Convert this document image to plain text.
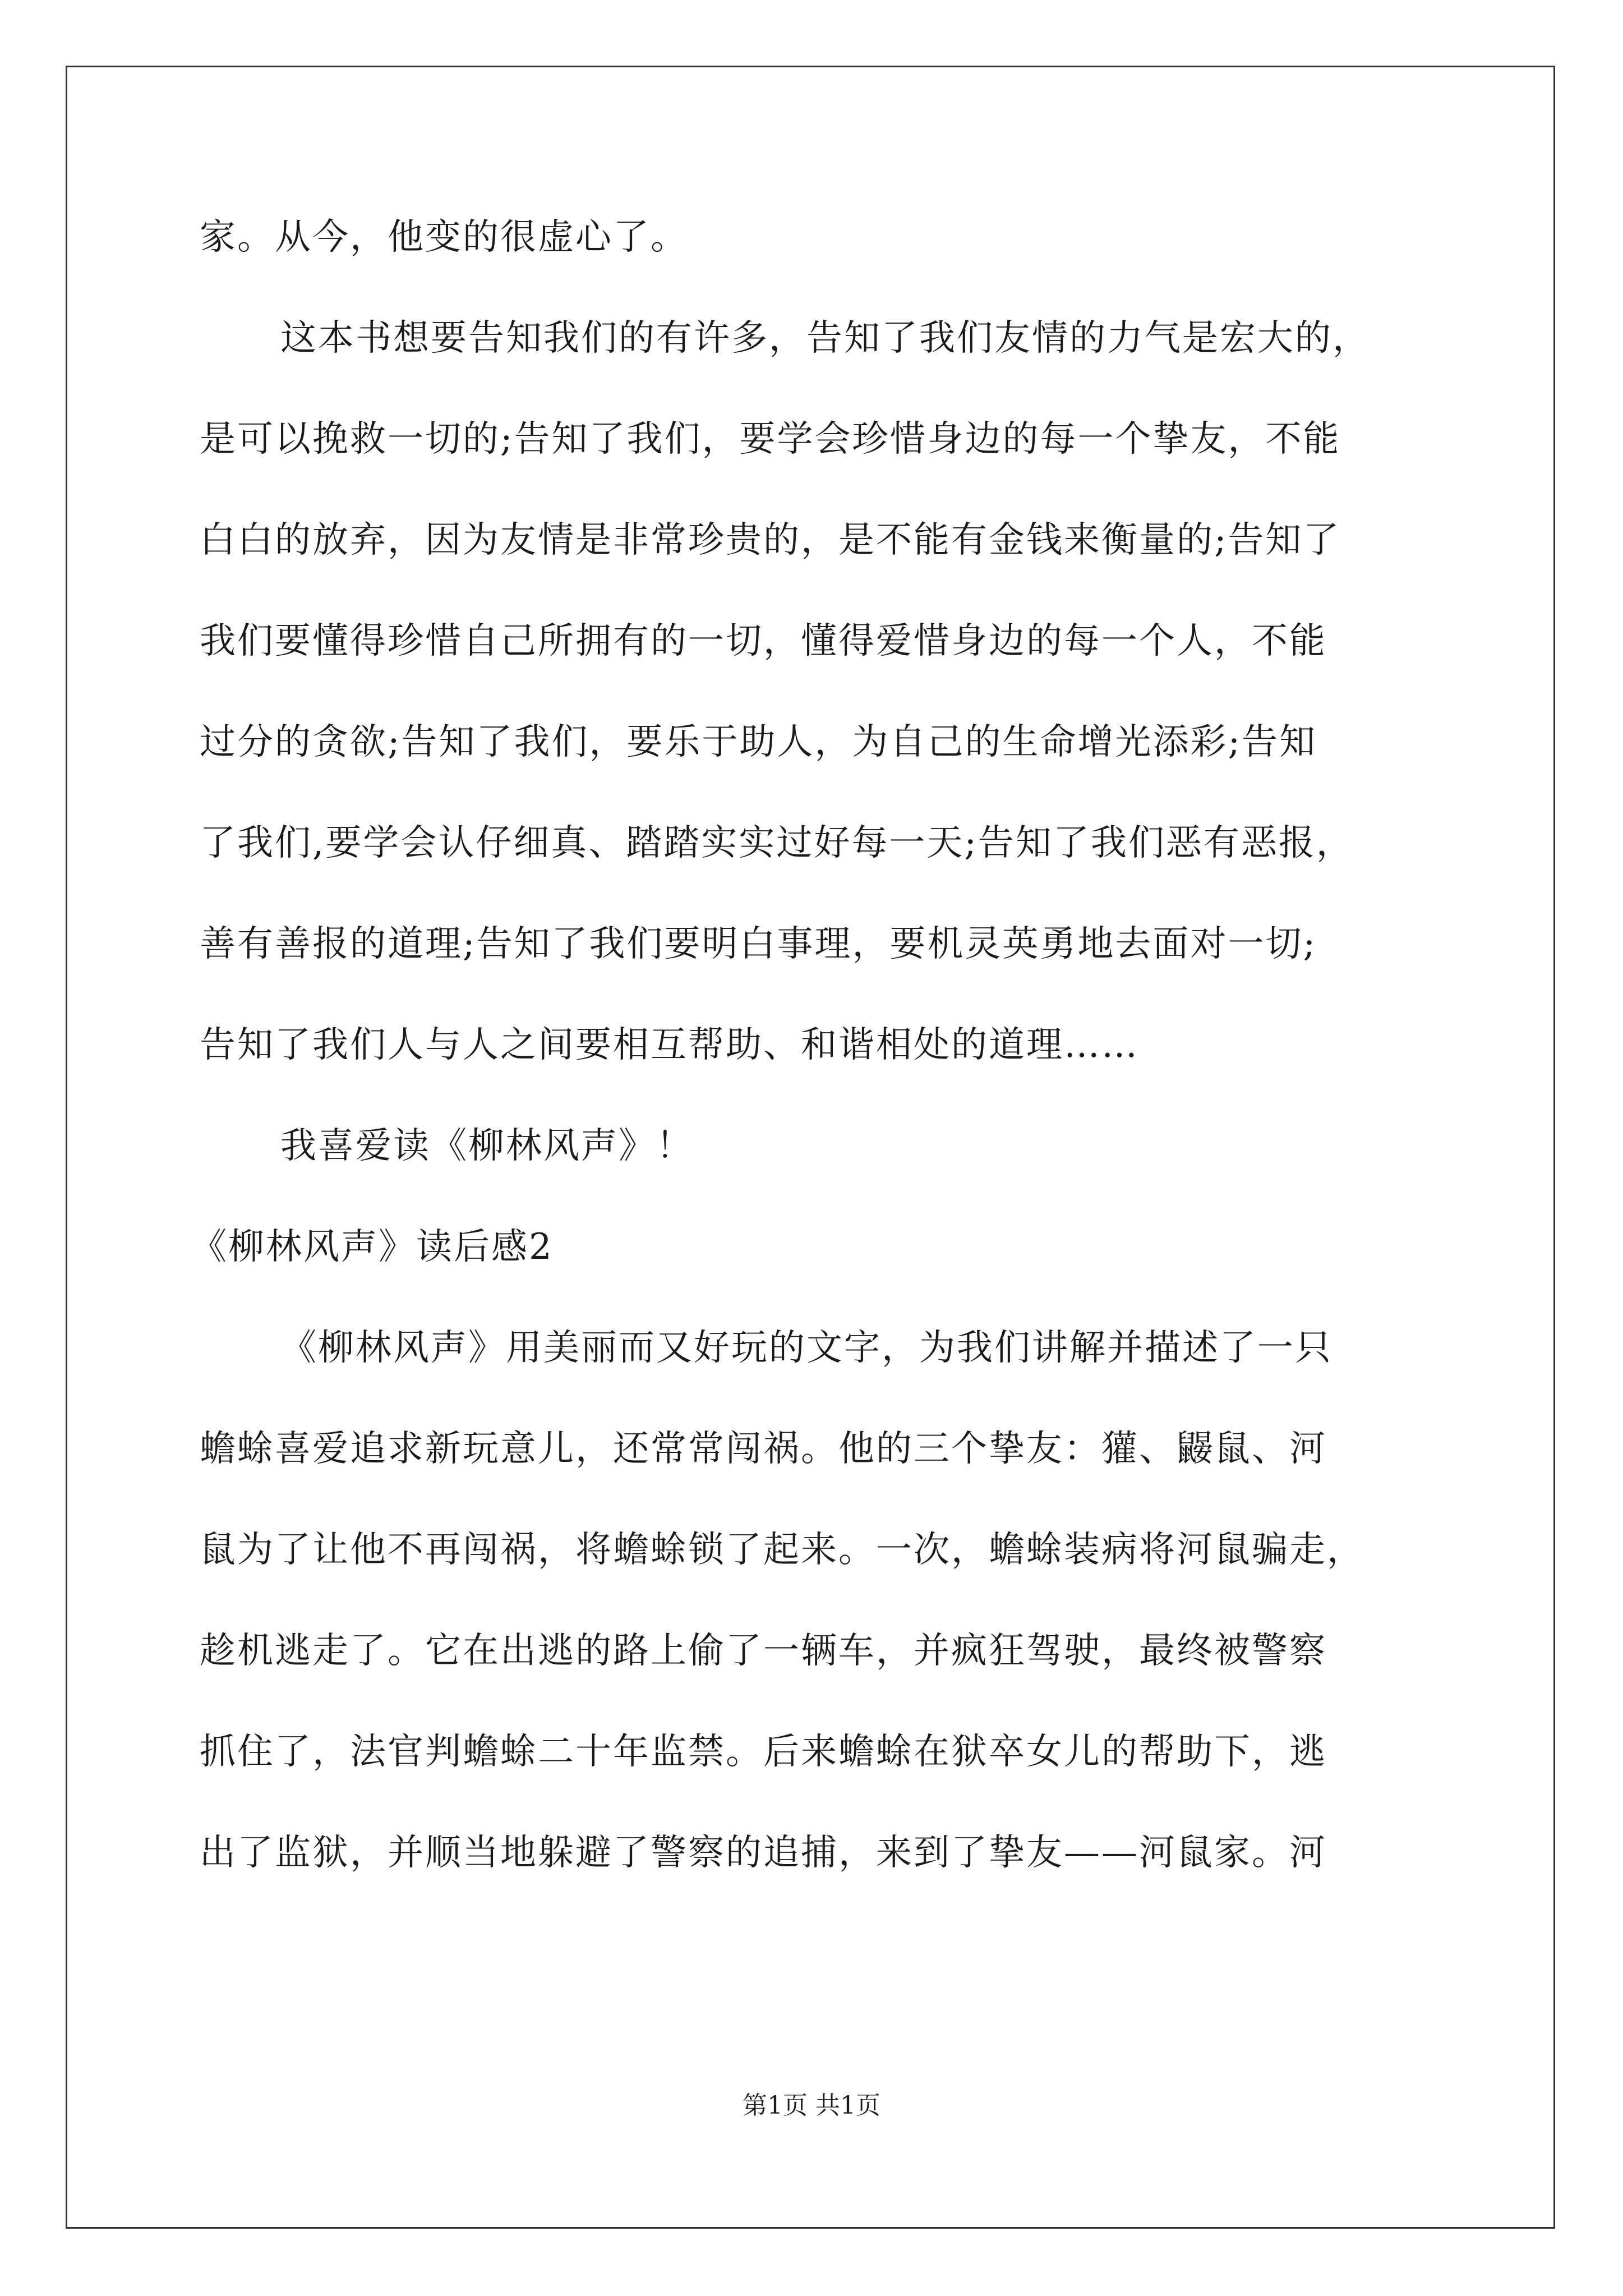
家。从今，他变的很虚心了。
这本书想要告知我们的有许多，告知了我们友情的力气是宏大的，
是可以挽救一切的;告知了我们，要学会珍惜身边的每一个挚友，不能
白白的放弃，因为友情是非常珍贵的，是不能有金钱来衡量的;告知了
我们要懂得珍惜自己所拥有的一切，懂得爱惜身边的每一个人，不能
过分的贪欲;告知了我们，要乐于助人，为自己的生命增光添彩;告知
了我们,要学会认仔细真、踏踏实实过好每一天;告知了我们恶有恶报，
善有善报的道理;告知了我们要明白事理，要机灵英勇地去面对一切;
告知了我们人与人之间要相互帮助、和谐相处的道理……
我喜爱读《柳林风声》！
《柳林风声》读后感2
《柳林风声》用美丽而又好玩的文字，为我们讲解并描述了一只
蟾蜍喜爱追求新玩意儿，还常常闯祸。他的三个挚友：獾、鼹鼠、河
鼠为了让他不再闯祸，将蟾蜍锁了起来。一次，蟾蜍装病将河鼠骗走，
趁机逃走了。它在出逃的路上偷了一辆车，并疯狂驾驶，最终被警察
抓住了，法官判蟾蜍二十年监禁。后来蟾蜍在狱卒女儿的帮助下，逃
出了监狱，并顺当地躲避了警察的追捕，来到了挚友——河鼠家。河
第1页 共1页
